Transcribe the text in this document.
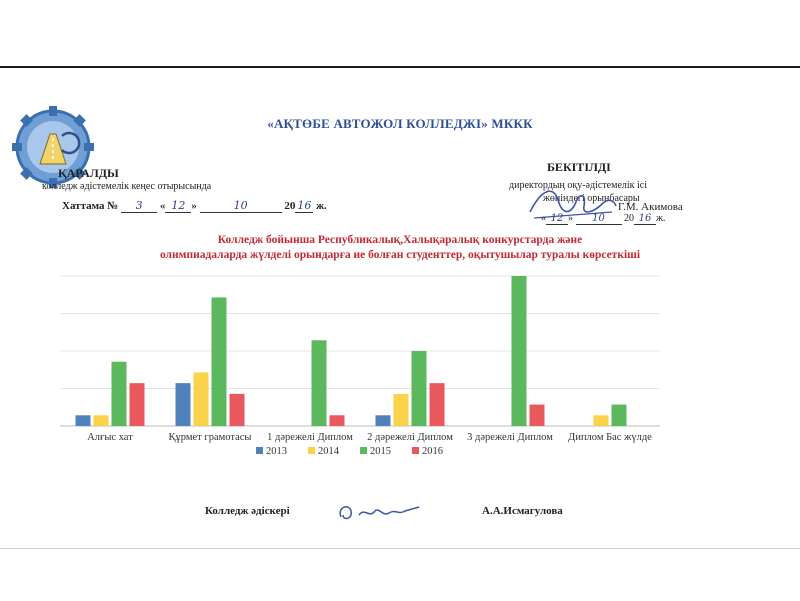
«АҚТӨБЕ АВТОЖОЛ КОЛЛЕДЖІ» МККК
ҚАРАЛДЫ
колледж әдістемелік кеңес отырысында
Хаттама № 3 « 12 »	10	20 16 ж.
БЕКІТІЛДІ
директордың оқу-әдістемелік ісі
жөніндегі орынбасары
Г.М. Акимова
« 12 » 10 20 16 ж.
Колледж бойынша Республикалық,Халықаралық конкурстарда және
олимпиадаларда жүлделі орындарға ие болған студенттер, оқытушылар туралы көрсеткіші
Алғыс хат	Құрмет грамотасы 1 дәрежелі Диплом 2 дәрежелі Диплом 3 дәрежелі Диплом Диплом Бас жүлде
2013	2014	2015	2016
Колледж әдіскері	А.А.Исмагулова
